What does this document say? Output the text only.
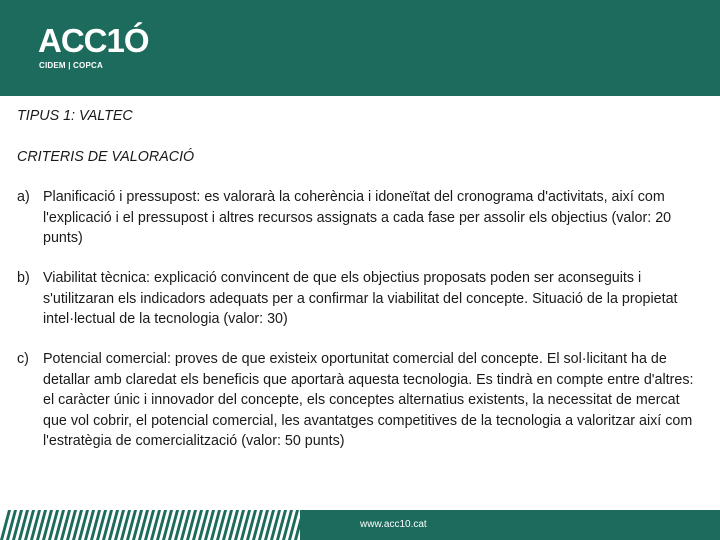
ACC1Ó
CIDEM | COPCA

TIPUS 1: VALTEC

CRITERIS DE VALORACIÓ

a) Planificació i pressupost: es valorarà la coherència i idoneïtat del cronograma d'activitats, així com l'explicació i el pressupost i altres recursos assignats a cada fase per assolir els objectius (valor: 20 punts)
b) Viabilitat tècnica: explicació convincent de que els objectius proposats poden ser aconseguits i s'utilitzaran els indicadors adequats per a confirmar la viabilitat del concepte. Situació de la propietat intel·lectual de la tecnologia (valor: 30)
c) Potencial comercial: proves de que existeix oportunitat comercial del concepte. El sol·licitant ha de detallar amb claredat els beneficis que aportarà aquesta tecnologia. Es tindrà en compte entre d'altres: el caràcter únic i innovador del concepte, els conceptes alternatius existents, la necessitat de mercat que vol cobrir, el potencial comercial, les avantatges competitives de la tecnologia a valoritzar així com l'estratègia de comercialització (valor: 50 punts)
www.acc10.cat
